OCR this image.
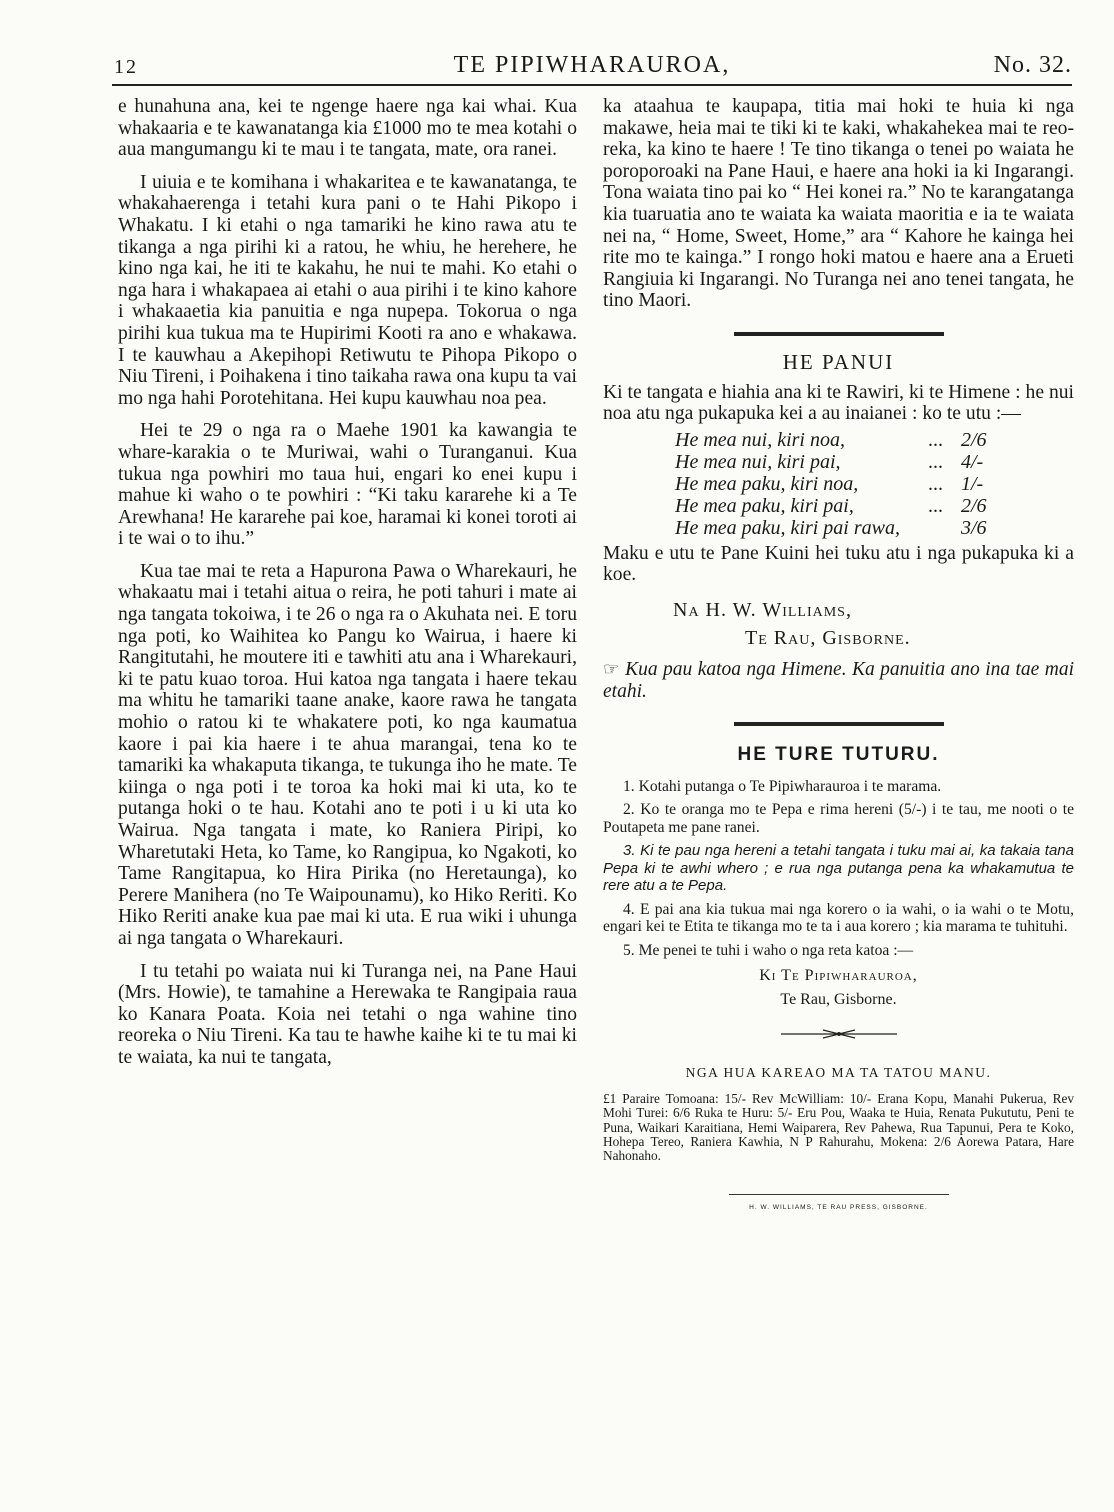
12	TE PIPIWHARAUROA,	No. 32.

e hunahuna ana, kei te ngenge haere nga kai whai. Kua whakaaria e te kawanatanga kia £1000 mo te mea kotahi o aua mangumangu ki te mau i te tangata, mate, ora ranei.

I uiuia e te komihana i whakaritea e te kawanatanga, te whakahaerenga i tetahi kura pani o te Hahi Pikopo i Whakatu. I ki etahi o nga tamariki he kino rawa atu te tikanga a nga pirihi ki a ratou, he whiu, he herehere, he kino nga kai, he iti te kakahu, he nui te mahi. Ko etahi o nga hara i whakapaea ai etahi o aua pirihi i te kino kahore i whakaaetia kia panuitia e nga nupepa. Tokorua o nga pirihi kua tukua ma te Hupirimi Kooti ra ano e whakawa. I te kauwhau a Akepihopi Retiwutu te Pihopa Pikopo o Niu Tireni, i Poihakena i tino taikaha rawa ona kupu ta vai mo nga hahi Porotehitana. Hei kupu kauwhau noa pea.

Hei te 29 o nga ra o Maehe 1901 ka kawangia te whare-karakia o te Muriwai, wahi o Turanganui. Kua tukua nga powhiri mo taua hui, engari ko enei kupu i mahue ki waho o te powhiri : “Ki taku kararehe ki a Te Arewhana! He kararehe pai koe, haramai ki konei toroti ai i te wai o to ihu.”

Kua tae mai te reta a Hapurona Pawa o Wharekauri, he whakaatu mai i tetahi aitua o reira, he poti tahuri i mate ai nga tangata tokoiwa, i te 26 o nga ra o Akuhata nei. E toru nga poti, ko Waihitea ko Pangu ko Wairua, i haere ki Rangitutahi, he moutere iti e tawhiti atu ana i Wharekauri, ki te patu kuao toroa. Hui katoa nga tangata i haere tekau ma whitu he tamariki taane anake, kaore rawa he tangata mohio o ratou ki te whakatere poti, ko nga kaumatua kaore i pai kia haere i te ahua marangai, tena ko te tamariki ka whakaputa tikanga, te tukunga iho he mate. Te kiinga o nga poti i te toroa ka hoki mai ki uta, ko te putanga hoki o te hau. Kotahi ano te poti i u ki uta ko Wairua. Nga tangata i mate, ko Raniera Piripi, ko Wharetutaki Heta, ko Tame, ko Rangipua, ko Ngakoti, ko Tame Rangitapua, ko Hira Pirika (no Heretaunga), ko Perere Manihera (no Te Waipounamu), ko Hiko Reriti. Ko Hiko Reriti anake kua pae mai ki uta. E rua wiki i uhunga ai nga tangata o Wharekauri.

I tu tetahi po waiata nui ki Turanga nei, na Pane Haui (Mrs. Howie), te tamahine a Herewaka te Rangipaia raua ko Kanara Poata. Koia nei tetahi o nga wahine tino reoreka o Niu Tireni. Ka tau te hawhe kaihe ki te tu mai ki te waiata, ka nui te tangata,

ka ataahua te kaupapa, titia mai hoki te huia ki nga makawe, heia mai te tiki ki te kaki, whakahekea mai te reo-reka, ka kino te haere ! Te tino tikanga o tenei po waiata he poroporoaki na Pane Haui, e haere ana hoki ia ki Ingarangi. Tona waiata tino pai ko “ Hei konei ra.” No te karangatanga kia tuaruatia ano te waiata ka waiata maoritia e ia te waiata nei na, “ Home, Sweet, Home,” ara “ Kahore he kainga hei rite mo te kainga.” I rongo hoki matou e haere ana a Erueti Rangiuia ki Ingarangi. No Turanga nei ano tenei tangata, he tino Maori.

HE PANUI

Ki te tangata e hiahia ana ki te Rawiri, ki te Himene : he nui noa atu nga pukapuka kei a au inaianei : ko te utu :—

He mea nui, kiri noa,	...	2/6
He mea nui, kiri pai,	...	4/-
He mea paku, kiri noa,	...	1/-
He mea paku, kiri pai,	...	2/6
He mea paku, kiri pai rawa,		3/6

Maku e utu te Pane Kuini hei tuku atu i nga pukapuka ki a koe.

Na H. W. Williams,
Te Rau, Gisborne.
☞ Kua pau katoa nga Himene. Ka panuitia ano ina tae mai etahi.
HE TURE TUTURU.
1. Kotahi putanga o Te Pipiwharauroa i te marama.
2. Ko te oranga mo te Pepa e rima hereni (5/-) i te tau, me nooti o te Poutapeta me pane ranei.
3. Ki te pau nga hereni a tetahi tangata i tuku mai ai, ka takaia tana Pepa ki te awhi whero ; e rua nga putanga pena ka whakamutua te rere atu a te Pepa.
4. E pai ana kia tukua mai nga korero o ia wahi, o ia wahi o te Motu, engari kei te Etita te tikanga mo te ta i aua korero ; kia marama te tuhituhi.
5. Me penei te tuhi i waho o nga reta katoa :—
Ki Te Pipiwharauroa,
Te Rau, Gisborne.
NGA HUA KAREAO MA TA TATOU MANU.

£1 Paraire Tomoana: 15/- Rev McWilliam: 10/- Erana Kopu, Manahi Pukerua, Rev Mohi Turei: 6/6 Ruka te Huru: 5/- Eru Pou, Waaka te Huia, Renata Pukututu, Peni te Puna, Waikari Karaitiana, Hemi Waiparera, Rev Pahewa, Rua Tapunui, Pera te Koko, Hohepa Tereo, Raniera Kawhia, N P Rahurahu, Mokena: 2/6 Aorewa Patara, Hare Nahonaho.

H. W. WILLIAMS, TE RAU PRESS, GISBORNE.
